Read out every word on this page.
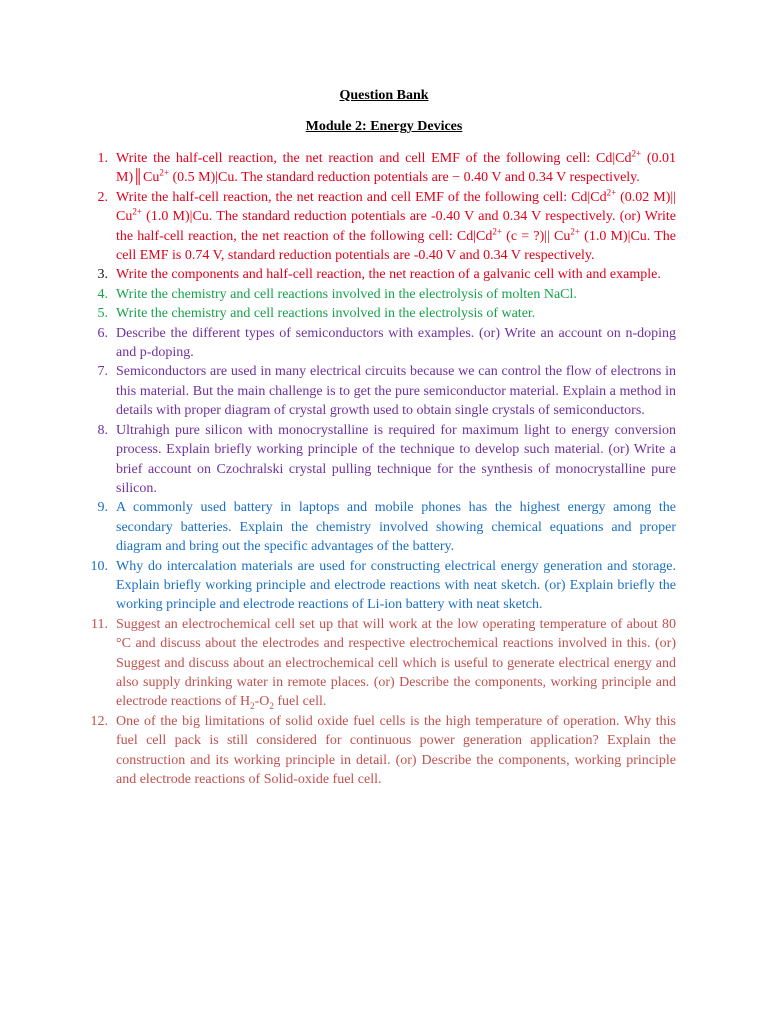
Question Bank
Module 2: Energy Devices
1. Write the half-cell reaction, the net reaction and cell EMF of the following cell: $Cd|Cd^{2+}$ (0.01 $M)║Cu^{2+}$ (0.5 M)|Cu. The standard reduction potentials are − 0.40 V and 0.34 V respectively.
2. Write the half-cell reaction, the net reaction and cell EMF of the following cell: $Cd|Cd^{2+}$ (0.02 M)|| $Cu^{2+}$ (1.0 M)|Cu. The standard reduction potentials are -0.40 V and 0.34 V respectively. (or) Write the half-cell reaction, the net reaction of the following cell: $Cd|Cd^{2+}$ (c = ?)|| $Cu^{2+}$ (1.0 M)|Cu. The cell EMF is 0.74 V, standard reduction potentials are -0.40 V and 0.34 V respectively.
3. Write the components and half-cell reaction, the net reaction of a galvanic cell with and example.
4. Write the chemistry and cell reactions involved in the electrolysis of molten NaCl.
5. Write the chemistry and cell reactions involved in the electrolysis of water.
6. Describe the different types of semiconductors with examples. (or) Write an account on n-doping and p-doping.
7. Semiconductors are used in many electrical circuits because we can control the flow of electrons in this material. But the main challenge is to get the pure semiconductor material. Explain a method in details with proper diagram of crystal growth used to obtain single crystals of semiconductors.
8. Ultrahigh pure silicon with monocrystalline is required for maximum light to energy conversion process. Explain briefly working principle of the technique to develop such material. (or) Write a brief account on Czochralski crystal pulling technique for the synthesis of monocrystalline pure silicon.
9. A commonly used battery in laptops and mobile phones has the highest energy among the secondary batteries. Explain the chemistry involved showing chemical equations and proper diagram and bring out the specific advantages of the battery.
10. Why do intercalation materials are used for constructing electrical energy generation and storage. Explain briefly working principle and electrode reactions with neat sketch. (or) Explain briefly the working principle and electrode reactions of Li-ion battery with neat sketch.
11. Suggest an electrochemical cell set up that will work at the low operating temperature of about 80 °C and discuss about the electrodes and respective electrochemical reactions involved in this. (or) Suggest and discuss about an electrochemical cell which is useful to generate electrical energy and also supply drinking water in remote places. (or) Describe the components, working principle and electrode reactions of $H_2-O_2$ fuel cell.
12. One of the big limitations of solid oxide fuel cells is the high temperature of operation. Why this fuel cell pack is still considered for continuous power generation application? Explain the construction and its working principle in detail. (or) Describe the components, working principle and electrode reactions of Solid-oxide fuel cell.
